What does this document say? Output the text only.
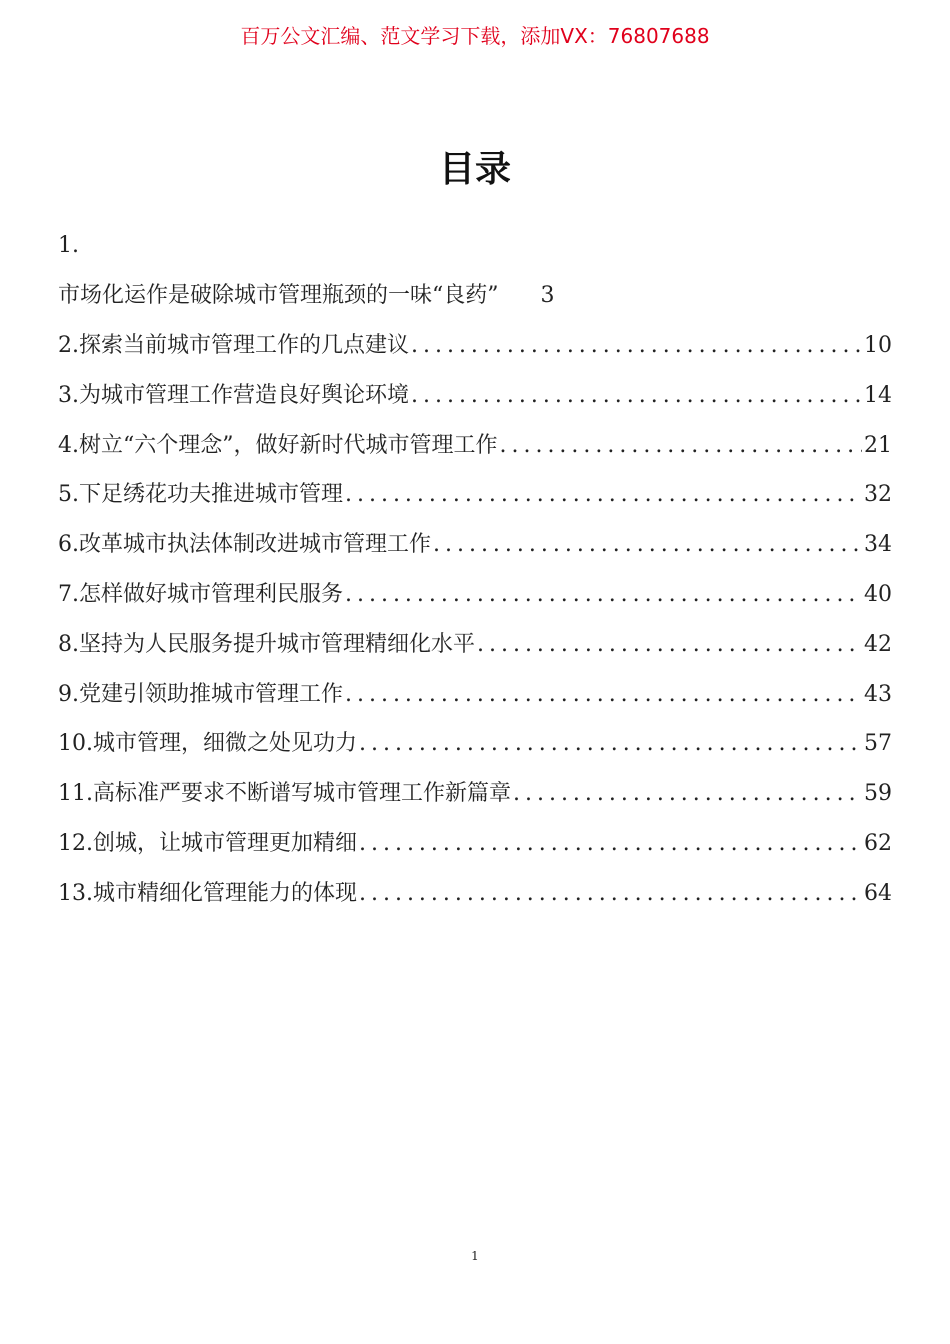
百万公文汇编、范文学习下载，添加VX：76807688
目录
1.
市场化运作是破除城市管理瓶颈的一味“良药” 3
2.探索当前城市管理工作的几点建议 . . .	10
3.为城市管理工作营造良好舆论环境 . . .	14
4.树立“六个理念”，做好新时代城市管理工作 . . .	21
5.下足绣花功夫推进城市管理 . . .	32
6.改革城市执法体制改进城市管理工作 . . .	34
7.怎样做好城市管理利民服务 . . .	40
8.坚持为人民服务提升城市管理精细化水平 . . .	42
9.党建引领助推城市管理工作 . . .	43
10.城市管理，细微之处见功力 . . .	57
11.高标准严要求不断谱写城市管理工作新篇章 . . .	59
12.创城，让城市管理更加精细 . . .	62
13.城市精细化管理能力的体现 . . .	64
1
